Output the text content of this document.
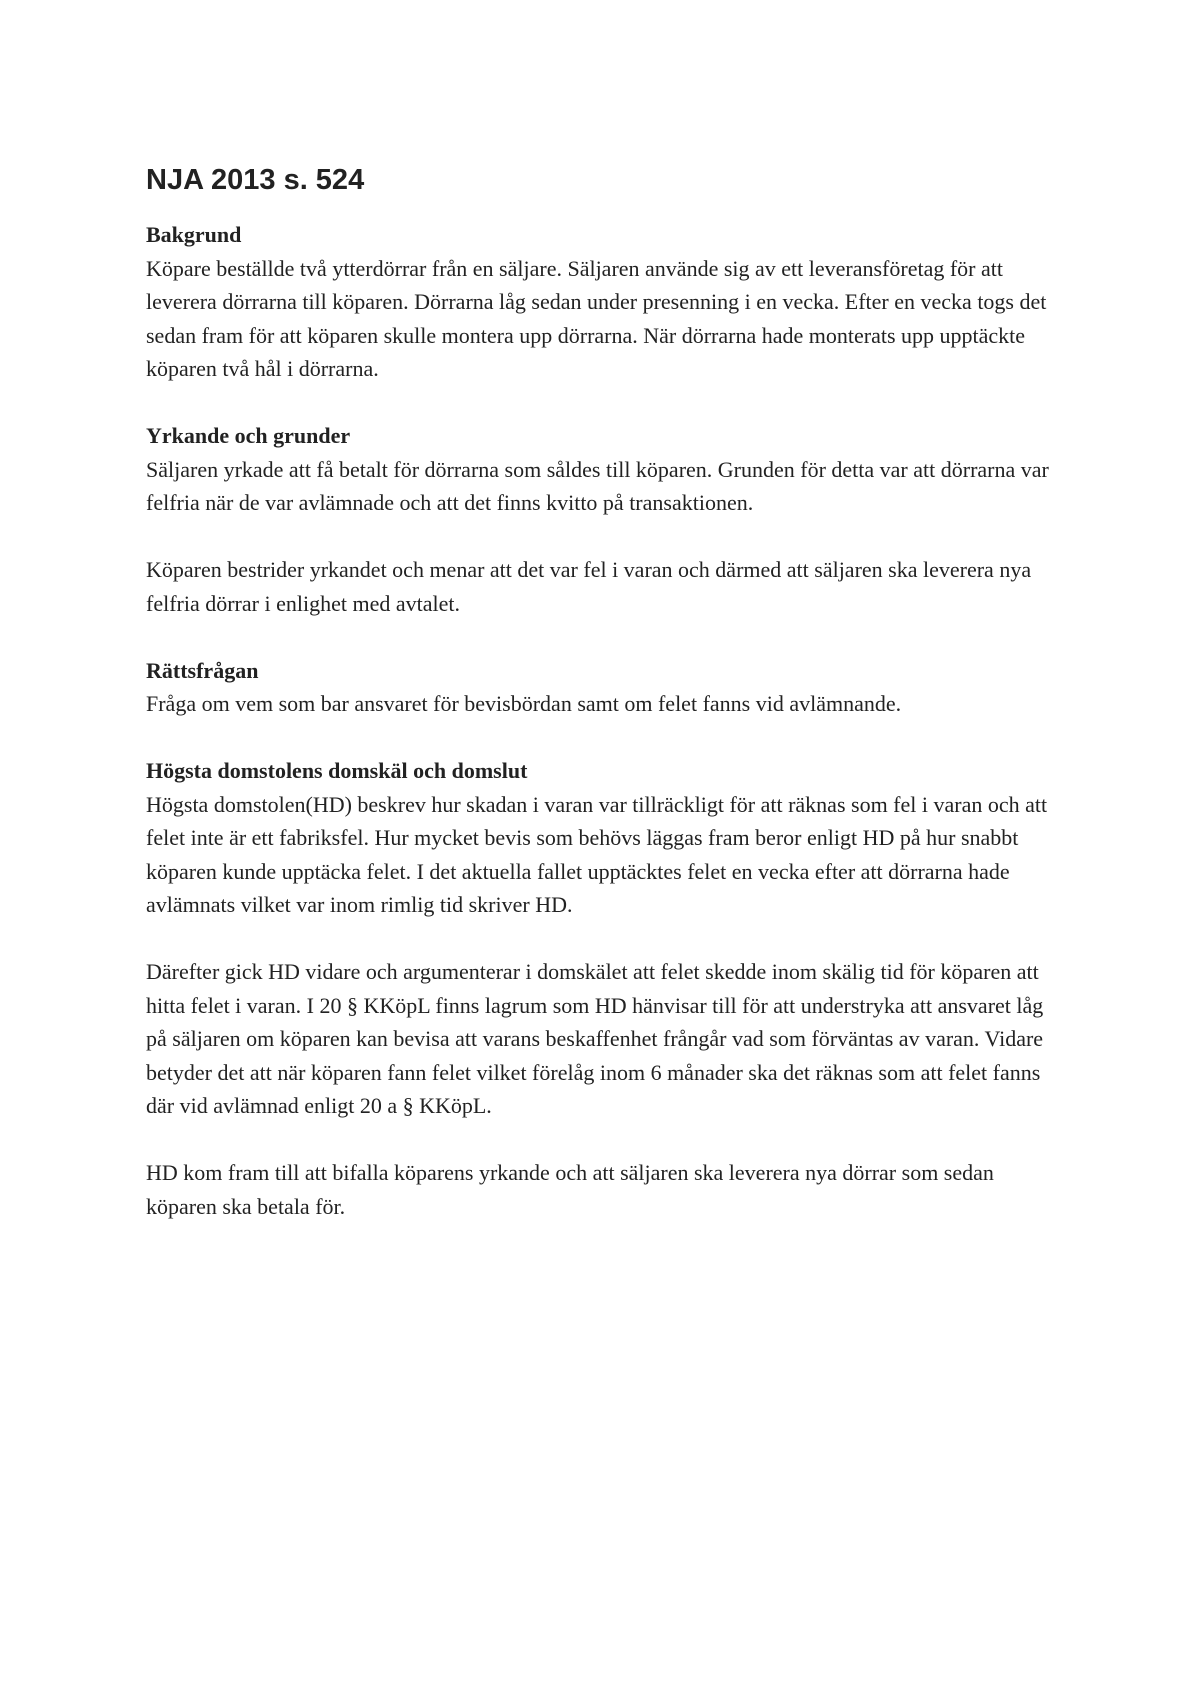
NJA 2013 s. 524
Bakgrund

Köpare beställde två ytterdörrar från en säljare. Säljaren använde sig av ett leveransföretag för att leverera dörrarna till köparen. Dörrarna låg sedan under presenning i en vecka. Efter en vecka togs det sedan fram för att köparen skulle montera upp dörrarna. När dörrarna hade monterats upp upptäckte köparen två hål i dörrarna.

Yrkande och grunder

Säljaren yrkade att få betalt för dörrarna som såldes till köparen. Grunden för detta var att dörrarna var felfria när de var avlämnade och att det finns kvitto på transaktionen.

Köparen bestrider yrkandet och menar att det var fel i varan och därmed att säljaren ska leverera nya felfria dörrar i enlighet med avtalet.

Rättsfrågan

Fråga om vem som bar ansvaret för bevisbördan samt om felet fanns vid avlämnande.

Högsta domstolens domskäl och domslut

Högsta domstolen(HD) beskrev hur skadan i varan var tillräckligt för att räknas som fel i varan och att felet inte är ett fabriksfel. Hur mycket bevis som behövs läggas fram beror enligt HD på hur snabbt köparen kunde upptäcka felet. I det aktuella fallet upptäcktes felet en vecka efter att dörrarna hade avlämnats vilket var inom rimlig tid skriver HD.

Därefter gick HD vidare och argumenterar i domskälet att felet skedde inom skälig tid för köparen att hitta felet i varan. I 20 § KKöpL finns lagrum som HD hänvisar till för att understryka att ansvaret låg på säljaren om köparen kan bevisa att varans beskaffenhet frångår vad som förväntas av varan. Vidare betyder det att när köparen fann felet vilket förelåg inom 6 månader ska det räknas som att felet fanns där vid avlämnad enligt 20 a § KKöpL.

HD kom fram till att bifalla köparens yrkande och att säljaren ska leverera nya dörrar som sedan köparen ska betala för.
